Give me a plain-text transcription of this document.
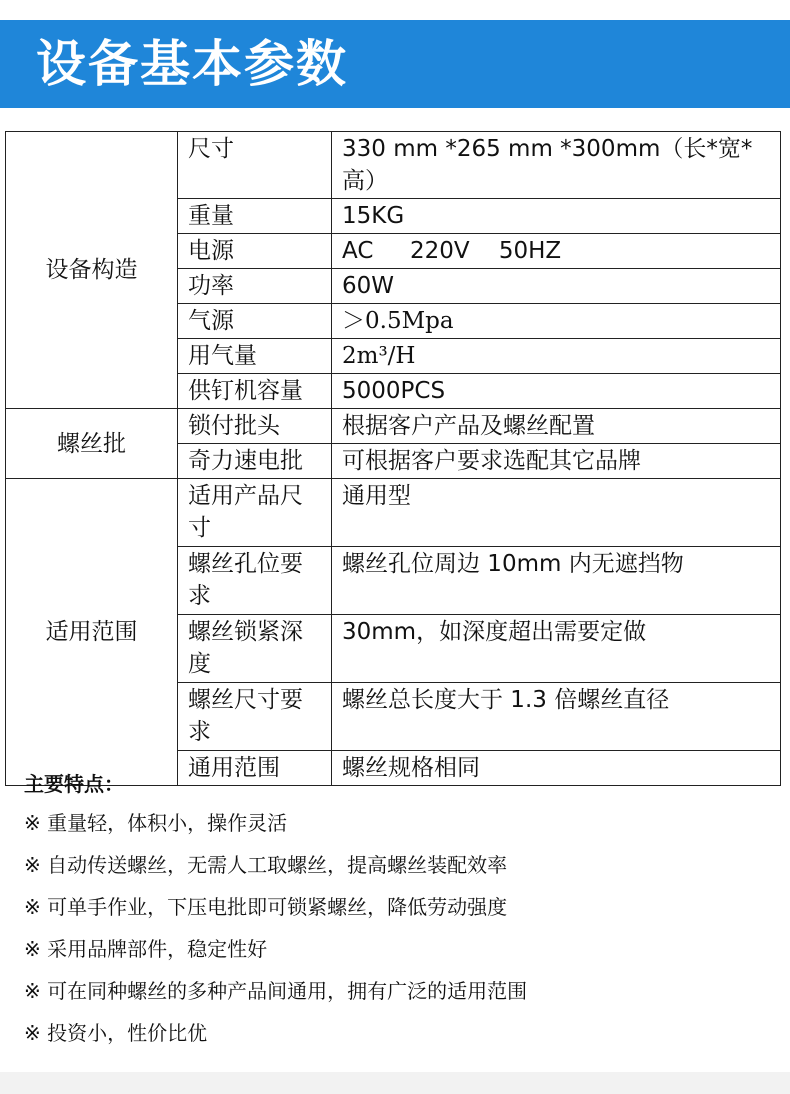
设备基本参数
设备构造	尺寸	330 mm *265 mm *300mm（长*宽*高）
	重量	15KG
	电源	AC     220V    50HZ
	功率	60W
	气源	＞0.5Mpa
	用气量	2m³/H
	供钉机容量	5000PCS
螺丝批	锁付批头	根据客户产品及螺丝配置
	奇力速电批	可根据客户要求选配其它品牌
适用范围	适用产品尺寸	通用型
	螺丝孔位要求	螺丝孔位周边 10mm 内无遮挡物
	螺丝锁紧深度	30mm，如深度超出需要定做
	螺丝尺寸要求	螺丝总长度大于 1.3 倍螺丝直径
	通用范围	螺丝规格相同
主要特点：
※ 重量轻，体积小，操作灵活
※ 自动传送螺丝，无需人工取螺丝，提高螺丝装配效率
※ 可单手作业，下压电批即可锁紧螺丝，降低劳动强度
※ 采用品牌部件，稳定性好
※ 可在同种螺丝的多种产品间通用，拥有广泛的适用范围
※ 投资小，性价比优
